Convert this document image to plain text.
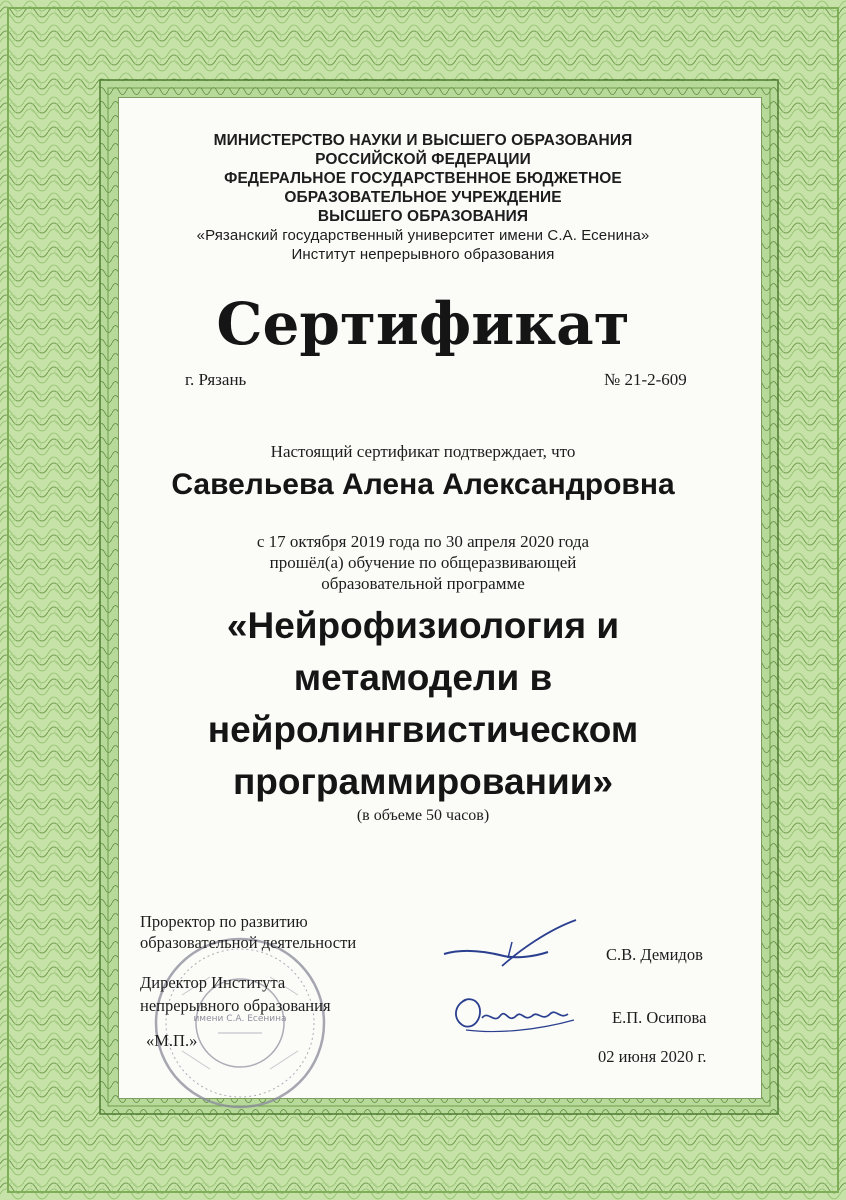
МИНИСТЕРСТВО НАУКИ И ВЫСШЕГО ОБРАЗОВАНИЯ
РОССИЙСКОЙ ФЕДЕРАЦИИ
ФЕДЕРАЛЬНОЕ ГОСУДАРСТВЕННОЕ БЮДЖЕТНОЕ
ОБРАЗОВАТЕЛЬНОЕ УЧРЕЖДЕНИЕ
ВЫСШЕГО ОБРАЗОВАНИЯ
«Рязанский государственный университет имени С.А. Есенина»
Институт непрерывного образования
Сертификат
г. Рязань	№ 21-2-609
Настоящий сертификат подтверждает, что
Савельева Алена Александровна
с 17 октября 2019 года по 30 апреля 2020 года
прошёл(а) обучение по общеразвивающей
образовательной программе
«Нейрофизиология и
метамодели в
нейролингвистическом
программировании»
(в объеме 50 часов)
имени С.А. Есенина
Проректор по развитию
образовательной деятельности
С.В. Демидов
Директор Института
непрерывного образования
Е.П. Осипова
«М.П.»
02 июня 2020 г.
